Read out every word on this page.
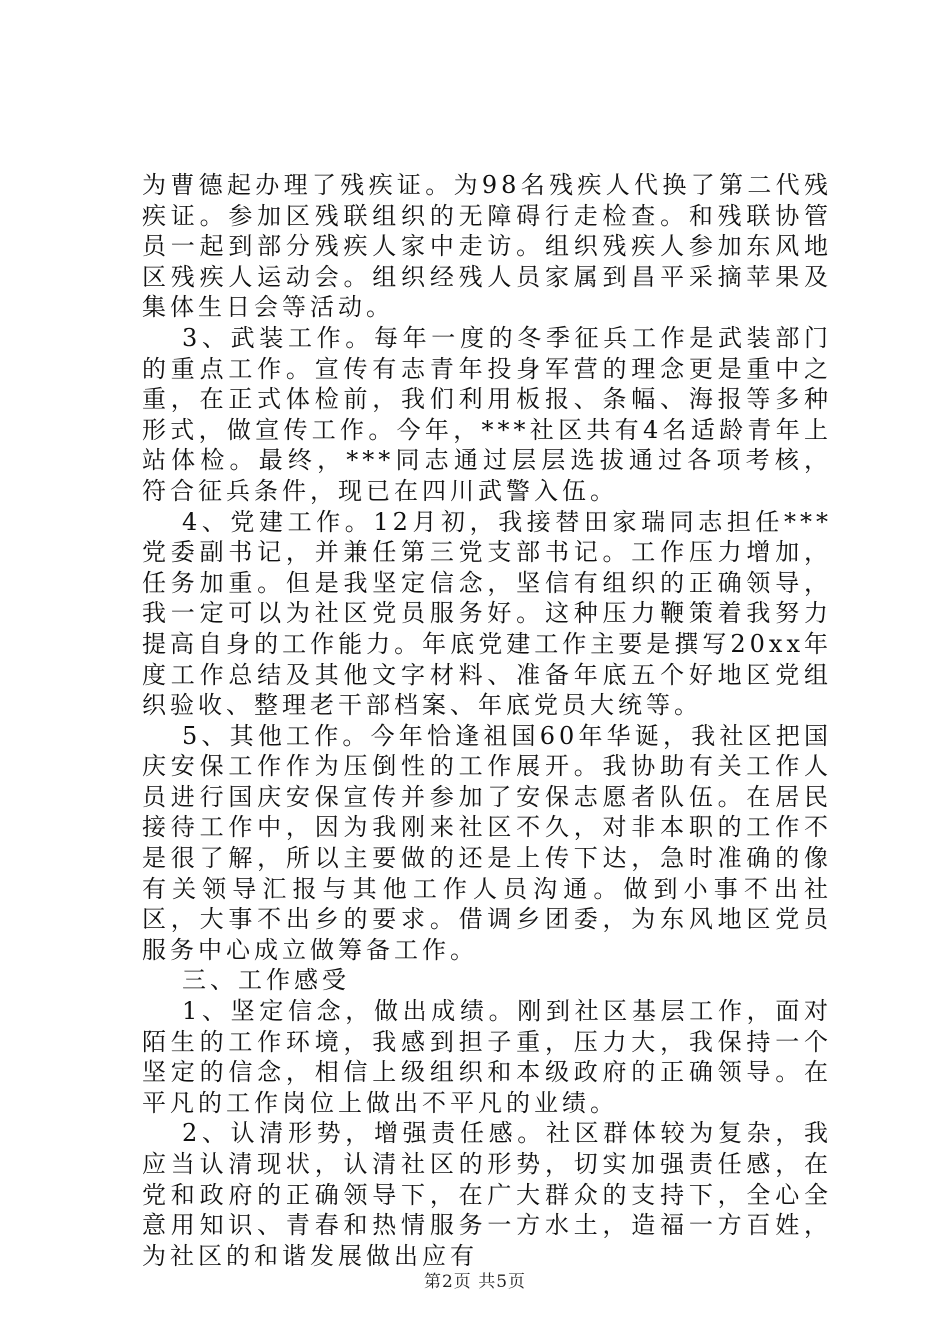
为曹德起办理了残疾证。为98名残疾人代换了第二代残疾证。参加区残联组织的无障碍行走检查。和残联协管员一起到部分残疾人家中走访。组织残疾人参加东风地区残疾人运动会。组织经残人员家属到昌平采摘苹果及集体生日会等活动。

3、武装工作。每年一度的冬季征兵工作是武装部门的重点工作。宣传有志青年投身军营的理念更是重中之重，在正式体检前，我们利用板报、条幅、海报等多种形式，做宣传工作。今年，***社区共有4名适龄青年上站体检。最终，***同志通过层层选拔通过各项考核，符合征兵条件，现已在四川武警入伍。

4、党建工作。12月初，我接替田家瑞同志担任***党委副书记，并兼任第三党支部书记。工作压力增加，任务加重。但是我坚定信念，坚信有组织的正确领导，我一定可以为社区党员服务好。这种压力鞭策着我努力提高自身的工作能力。年底党建工作主要是撰写20xx年度工作总结及其他文字材料、准备年底五个好地区党组织验收、整理老干部档案、年底党员大统等。

5、其他工作。今年恰逢祖国60年华诞，我社区把国庆安保工作作为压倒性的工作展开。我协助有关工作人员进行国庆安保宣传并参加了安保志愿者队伍。在居民接待工作中，因为我刚来社区不久，对非本职的工作不是很了解，所以主要做的还是上传下达，急时准确的像有关领导汇报与其他工作人员沟通。做到小事不出社区，大事不出乡的要求。借调乡团委，为东风地区党员服务中心成立做筹备工作。

三、工作感受

1、坚定信念，做出成绩。刚到社区基层工作，面对陌生的工作环境，我感到担子重，压力大，我保持一个坚定的信念，相信上级组织和本级政府的正确领导。在平凡的工作岗位上做出不平凡的业绩。

2、认清形势，增强责任感。社区群体较为复杂，我应当认清现状，认清社区的形势，切实加强责任感，在党和政府的正确领导下，在广大群众的支持下，全心全意用知识、青春和热情服务一方水土，造福一方百姓，为社区的和谐发展做出应有

第2页 共5页
